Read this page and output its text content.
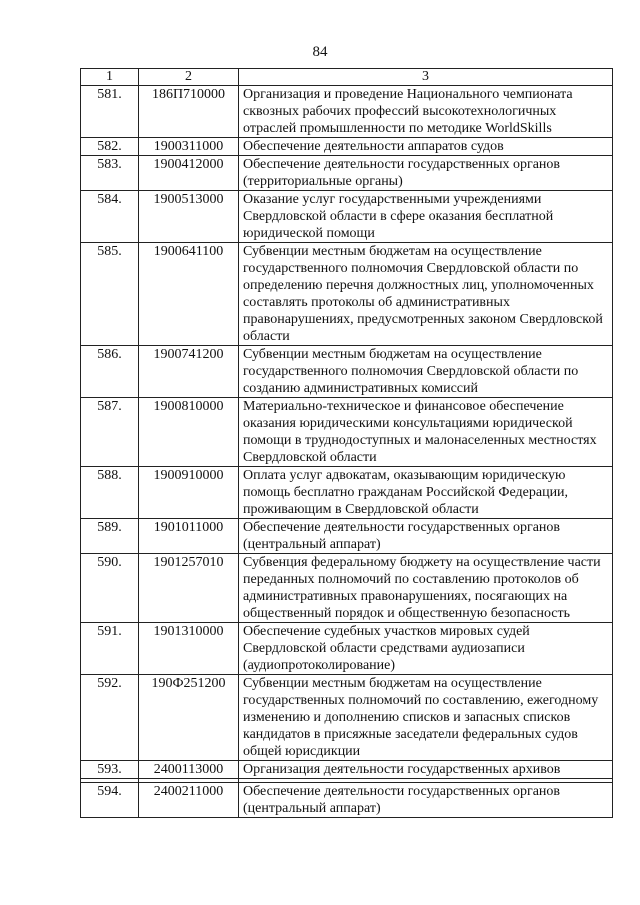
84
1	2	3
581.	186П710000	Организация и проведение Национального чемпионата сквозных рабочих профессий высокотехнологичных отраслей промышленности по методике WorldSkills
582.	1900311000	Обеспечение деятельности аппаратов судов
583.	1900412000	Обеспечение деятельности государственных органов (территориальные органы)
584.	1900513000	Оказание услуг государственными учреждениями Свердловской области в сфере оказания бесплатной юридической помощи
585.	1900641100	Субвенции местным бюджетам на осуществление государственного полномочия Свердловской области по определению перечня должностных лиц, уполномоченных составлять протоколы об административных правонарушениях, предусмотренных законом Свердловской области
586.	1900741200	Субвенции местным бюджетам на осуществление государственного полномочия Свердловской области по созданию административных комиссий
587.	1900810000	Материально-техническое и финансовое обеспечение оказания юридическими консультациями юридической помощи в труднодоступных и малонаселенных местностях Свердловской области
588.	1900910000	Оплата услуг адвокатам, оказывающим юридическую помощь бесплатно гражданам Российской Федерации, проживающим в Свердловской области
589.	1901011000	Обеспечение деятельности государственных органов (центральный аппарат)
590.	1901257010	Субвенция федеральному бюджету на осуществление части переданных полномочий по составлению протоколов об административных правонарушениях, посягающих на общественный порядок и общественную безопасность
591.	1901310000	Обеспечение судебных участков мировых судей Свердловской области средствами аудиозаписи (аудиопротоколирование)
592.	190Ф251200	Субвенции местным бюджетам на осуществление государственных полномочий по составлению, ежегодному изменению и дополнению списков и запасных списков кандидатов в присяжные заседатели федеральных судов общей юрисдикции
593.	2400113000	Организация деятельности государственных архивов

594.	2400211000	Обеспечение деятельности государственных органов (центральный аппарат)
